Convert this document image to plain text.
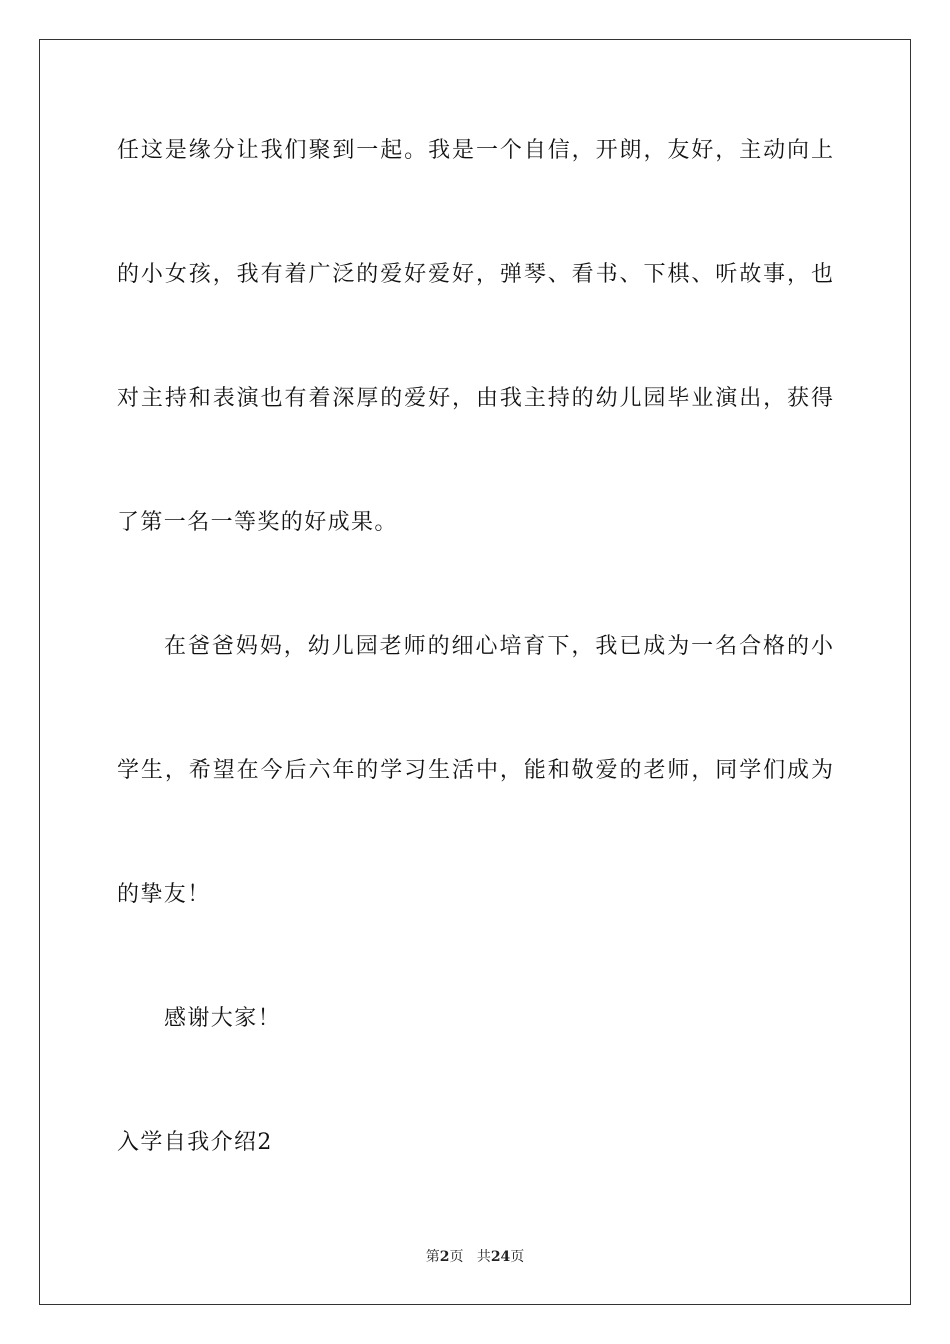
任这是缘分让我们聚到一起。我是一个自信，开朗，友好，主动向上
的小女孩，我有着广泛的爱好爱好，弹琴、看书、下棋、听故事，也
对主持和表演也有着深厚的爱好，由我主持的幼儿园毕业演出，获得
了第一名一等奖的好成果。
在爸爸妈妈，幼儿园老师的细心培育下，我已成为一名合格的小
学生，希望在今后六年的学习生活中，能和敬爱的老师，同学们成为
的挚友！
感谢大家！
入学自我介绍2
第2页 共24页
